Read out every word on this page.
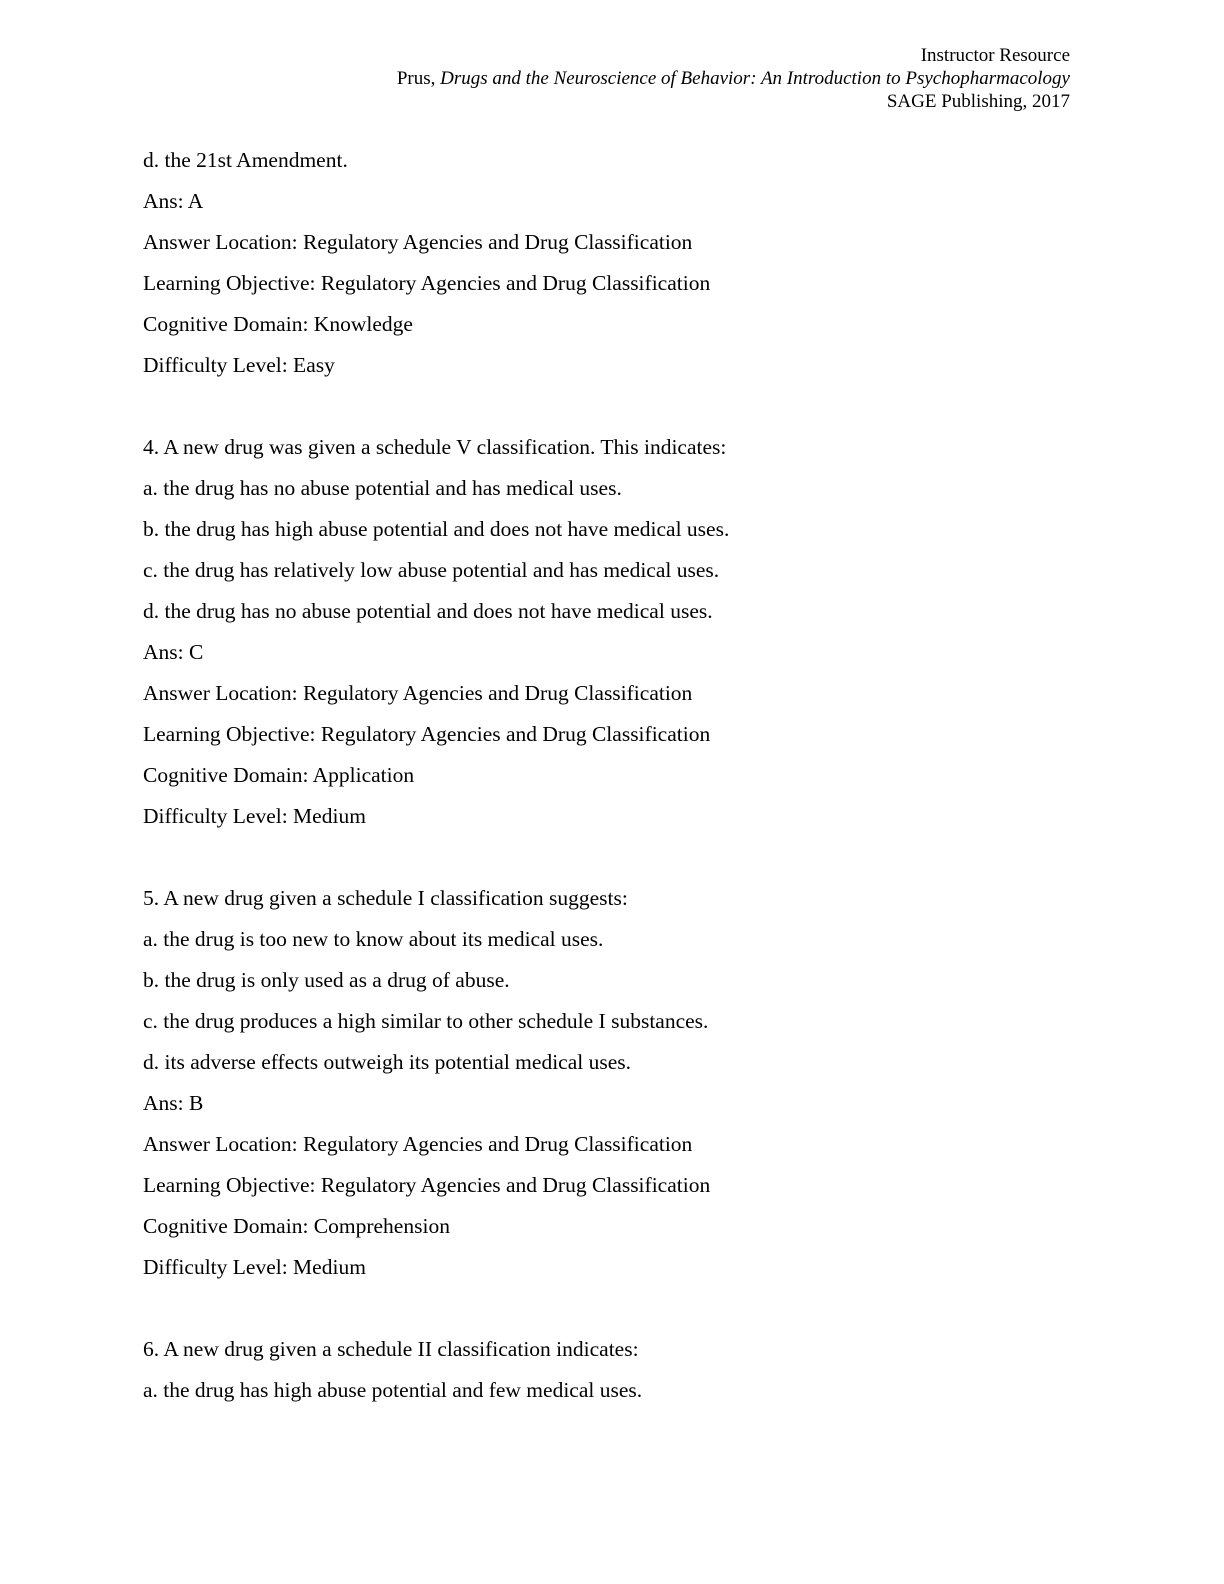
Instructor Resource
Prus, Drugs and the Neuroscience of Behavior: An Introduction to Psychopharmacology
SAGE Publishing, 2017

d. the 21st Amendment.

Ans: A

Answer Location: Regulatory Agencies and Drug Classification

Learning Objective: Regulatory Agencies and Drug Classification

Cognitive Domain: Knowledge

Difficulty Level: Easy

4. A new drug was given a schedule V classification. This indicates:

a. the drug has no abuse potential and has medical uses.

b. the drug has high abuse potential and does not have medical uses.

c. the drug has relatively low abuse potential and has medical uses.

d. the drug has no abuse potential and does not have medical uses.

Ans: C

Answer Location: Regulatory Agencies and Drug Classification

Learning Objective: Regulatory Agencies and Drug Classification

Cognitive Domain: Application

Difficulty Level: Medium

5. A new drug given a schedule I classification suggests:

a. the drug is too new to know about its medical uses.

b. the drug is only used as a drug of abuse.

c. the drug produces a high similar to other schedule I substances.

d. its adverse effects outweigh its potential medical uses.

Ans: B

Answer Location: Regulatory Agencies and Drug Classification

Learning Objective: Regulatory Agencies and Drug Classification

Cognitive Domain: Comprehension

Difficulty Level: Medium

6. A new drug given a schedule II classification indicates:

a. the drug has high abuse potential and few medical uses.
